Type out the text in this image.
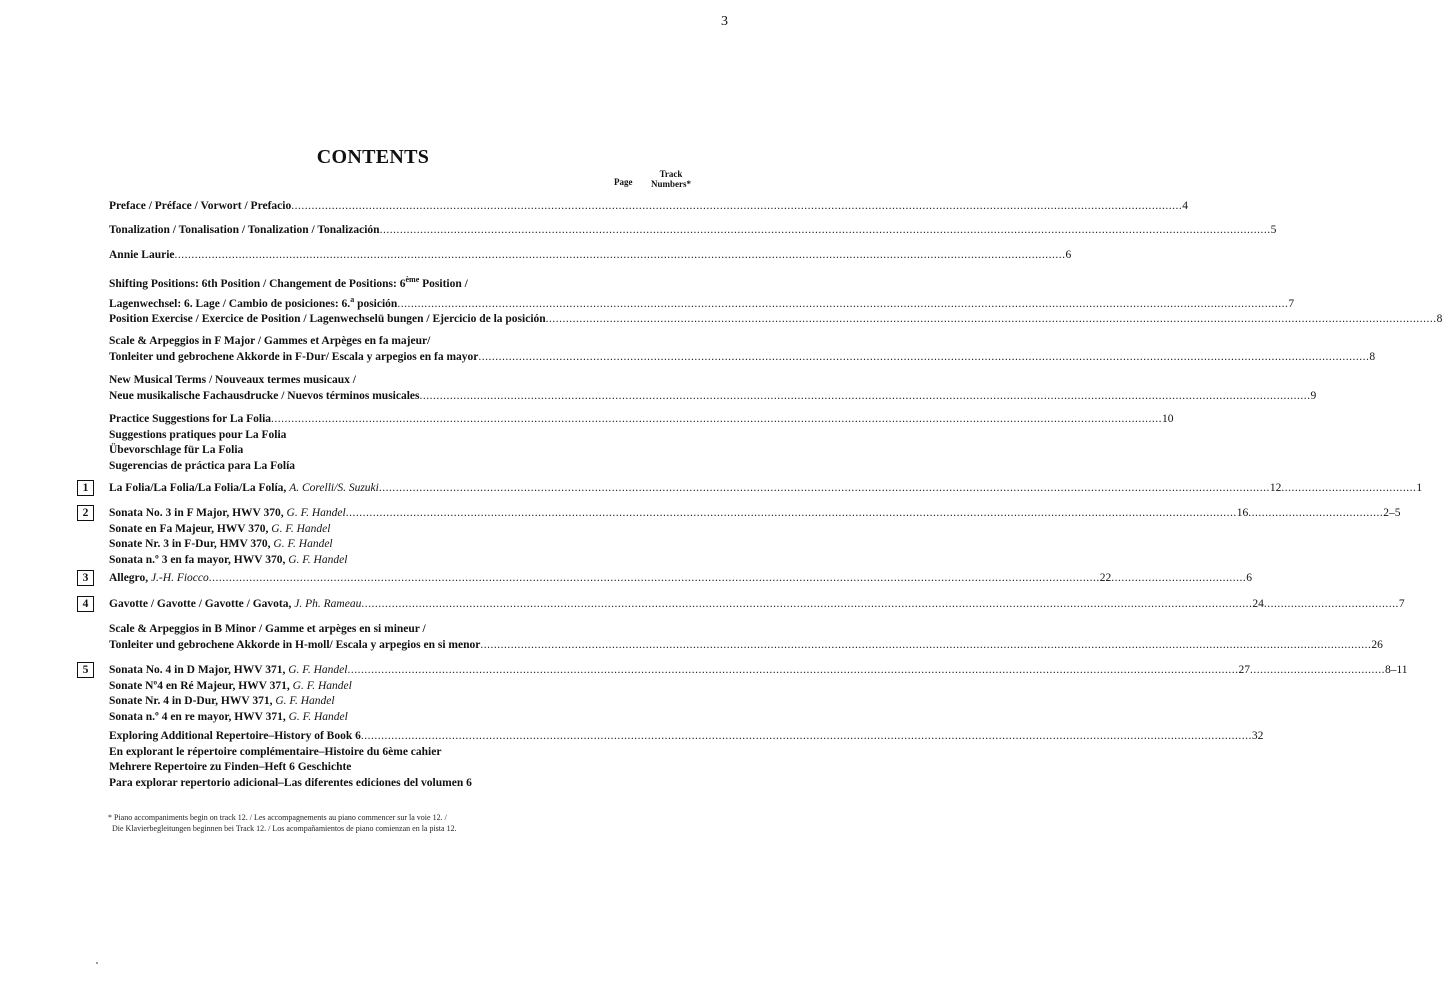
3
CONTENTS
Page
Track
Numbers*
Preface / Préface / Vorwort / Prefacio .....	4
Tonalization / Tonalisation / Tonalization / Tonalización .....	5
Annie Laurie .....	6
Shifting Positions: 6th Position / Changement de Positions: 6ème Position /
Lagenwechsel: 6. Lage / Cambio de posiciones: 6.$^a$ posición .....	7
Position Exercise / Exercice de Position / Lagenwechselü bungen / Ejercicio de la posición .....	8
Scale & Arpeggios in F Major / Gammes et Arpèges en fa majeur/
Tonleiter und gebrochene Akkorde in F-Dur/ Escala y arpegios en fa mayor .....	8
New Musical Terms / Nouveaux termes musicaux /
Neue musikalische Fachausdrucke / Nuevos términos musicales .....	9
Practice Suggestions for La Folia .....	10
Suggestions pratiques pour La Folia
Übevorschlage für La Folia
Sugerencias de práctica para La Folía
1	La Folia/La Folia/La Folia/La Folía, A. Corelli/S. Suzuki .....	12 .....	1
2	Sonata No. 3 in F Major, HWV 370, G. F. Handel .....	16 .....	2–5
Sonate en Fa Majeur, HWV 370, G. F. Handel
Sonate Nr. 3 in F-Dur, HMV 370, G. F. Handel
Sonata n.º 3 en fa mayor, HWV 370, G. F. Handel
3	Allegro, J.-H. Fiocco .....	22 .....	6
4	Gavotte / Gavotte / Gavotte / Gavota, J. Ph. Rameau .....	24 .....	7
Scale & Arpeggios in B Minor / Gamme et arpèges en si mineur /
Tonleiter und gebrochene Akkorde in H-moll/ Escala y arpegios en si menor .....	26
5	Sonata No. 4 in D Major, HWV 371, G. F. Handel .....	27 .....	8–11
Sonate Nº4 en Ré Majeur, HWV 371, G. F. Handel
Sonate Nr. 4 in D-Dur, HWV 371, G. F. Handel
Sonata n.º 4 en re mayor, HWV 371, G. F. Handel
Exploring Additional Repertoire–History of Book 6 .....	32
En explorant le répertoire complémentaire–Histoire du 6ème cahier
Mehrere Repertoire zu Finden–Heft 6 Geschichte
Para explorar repertorio adicional–Las diferentes ediciones del volumen 6
* Piano accompaniments begin on track 12. / Les accompagnements au piano commencer sur la voie 12. /
Die Klavierbegleitungen beginnen bei Track 12. / Los acompañamientos de piano comienzan en la pista 12.
